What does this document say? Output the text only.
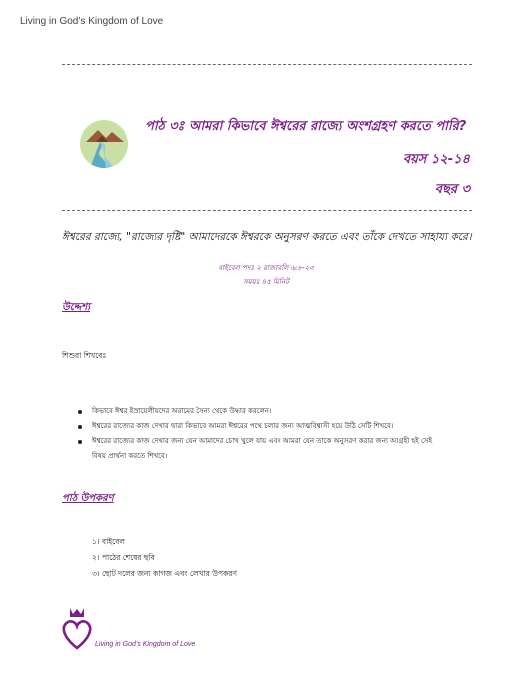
Living in God’s Kingdom of Love
পাঠ ৩ঃ আমরা কিভাবে ঈশ্বরের রাজ্যে অংশগ্রহণ করতে পারি?
বয়স ১২-১৪
বছর ৩
ঈশ্বরের রাজ্যে, "রাজ্যের দৃষ্টি" আমাদেরকে ঈশ্বরকে অনুসরণ করতে এবং তাঁকে দেখতে সাহায্য করে।
বাইবেল পদঃ ২ রাজাবলি ৬:৮-২৩
সময়ঃ ৪৫ মিনিট
উদ্দেশ্য
শিশুরা শিখবেঃ
কিভাবে ঈশ্বর ইস্রায়েলীয়দের অরামের সৈন্য থেকে উদ্ধার করলেন।
ঈশ্বরের রাজ্যের কাজ দেখার দ্বারা কিভাবে আমরা ঈশ্বরের পথে চলার জন্য আত্মবিশ্বাসী হয়ে উঠি সেটি শিখবে।
ঈশ্বরের রাজ্যের কাজ দেখার জন্য যেন আমাদের চোখ খুলে যায় এবং আমরা যেন তাকে অনুসরণ করার জন্য আগ্রহী হই সেই
বিষয় প্রার্থনা করতে শিখবে।
পাঠ উপকরণ
১। বাইবেল
২। পাঠের শেষের ছবি
৩। ছোট দলের জন্য কাগজ এবং লেখার উপকরণ
Living in God’s Kingdom of Love
